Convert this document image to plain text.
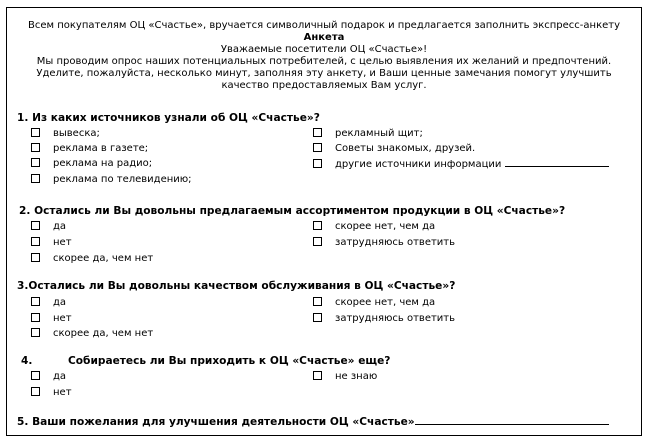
Всем покупателям ОЦ «Счастье», вручается символичный подарок и предлагается заполнить экспресс-анкету
Анкета
Уважаемые посетители ОЦ «Счастье»!
Мы проводим опрос наших потенциальных потребителей, с целью выявления их желаний и предпочтений.
Уделите, пожалуйста, несколько минут, заполняя эту анкету, и Ваши ценные замечания помогут улучшить
качество предоставляемых Вам услуг.
1. Из каких источников узнали об ОЦ «Счастье»?
вывеска;
реклама в газете;
реклама на радио;
реклама по телевидению;
рекламный щит;
Советы знакомых, друзей.
другие источники информации
2. Остались ли Вы довольны предлагаемым ассортиментом продукции в ОЦ «Счастье»?
да
нет
скорее да, чем нет
скорее нет, чем да
затрудняюсь ответить
3.Остались ли Вы довольны качеством обслуживания в ОЦ «Счастье»?
да
нет
скорее да, чем нет
скорее нет, чем да
затрудняюсь ответить
4.	Собираетесь ли Вы приходить к ОЦ «Счастье» еще?
да
нет
не знаю
5. Ваши пожелания для улучшения деятельности ОЦ «Счастье»
